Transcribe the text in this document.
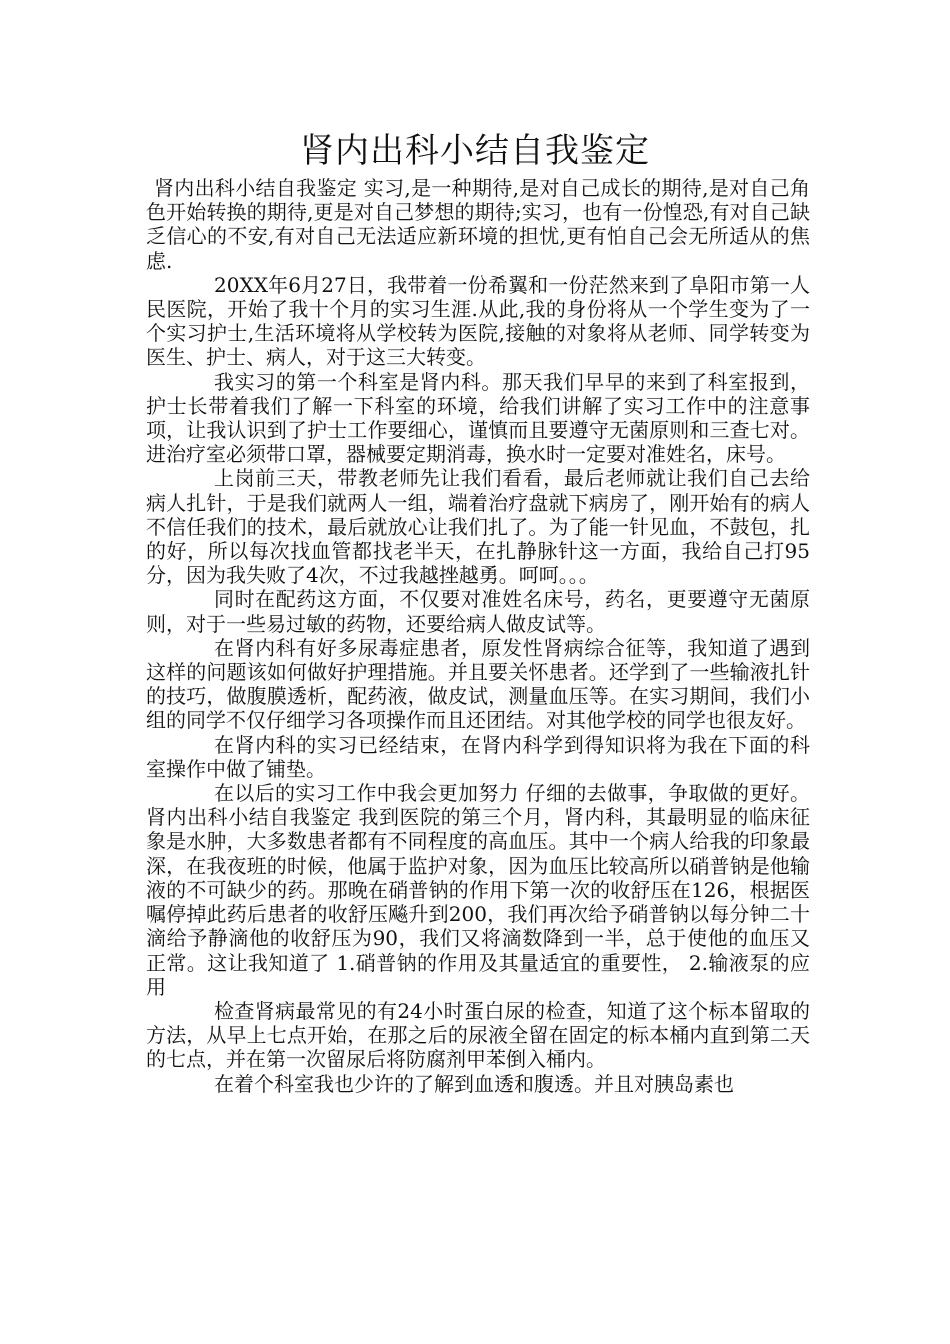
肾内出科小结自我鉴定

肾内出科小结自我鉴定 实习,是一种期待,是对自己成长的期待,是对自己角色开始转换的期待,更是对自己梦想的期待;实习，也有一份惶恐,有对自己缺乏信心的不安,有对自己无法适应新环境的担忧,更有怕自己会无所适从的焦虑.

20XX年6月27日，我带着一份希翼和一份茫然来到了阜阳市第一人民医院，开始了我十个月的实习生涯.从此,我的身份将从一个学生变为了一个实习护士,生活环境将从学校转为医院,接触的对象将从老师、同学转变为医生、护士、病人，对于这三大转变。

我实习的第一个科室是肾内科。那天我们早早的来到了科室报到，护士长带着我们了解一下科室的环境，给我们讲解了实习工作中的注意事项，让我认识到了护士工作要细心，谨慎而且要遵守无菌原则和三查七对。进治疗室必须带口罩，器械要定期消毒，换水时一定要对准姓名，床号。

上岗前三天，带教老师先让我们看看，最后老师就让我们自己去给病人扎针，于是我们就两人一组，端着治疗盘就下病房了，刚开始有的病人不信任我们的技术，最后就放心让我们扎了。为了能一针见血，不鼓包，扎的好，所以每次找血管都找老半天，在扎静脉针这一方面，我给自己打95分，因为我失败了4次，不过我越挫越勇。呵呵。。。

同时在配药这方面，不仅要对准姓名床号，药名，更要遵守无菌原则，对于一些易过敏的药物，还要给病人做皮试等。

在肾内科有好多尿毒症患者，原发性肾病综合征等，我知道了遇到这样的问题该如何做好护理措施。并且要关怀患者。还学到了一些输液扎针的技巧，做腹膜透析，配药液，做皮试，测量血压等。在实习期间，我们小组的同学不仅仔细学习各项操作而且还团结。对其他学校的同学也很友好。

在肾内科的实习已经结束，在肾内科学到得知识将为我在下面的科室操作中做了铺垫。

在以后的实习工作中我会更加努力 仔细的去做事，争取做的更好。 肾内出科小结自我鉴定 我到医院的第三个月，肾内科，其最明显的临床征象是水肿，大多数患者都有不同程度的高血压。其中一个病人给我的印象最深，在我夜班的时候，他属于监护对象，因为血压比较高所以硝普钠是他输液的不可缺少的药。那晚在硝普钠的作用下第一次的收舒压在126，根据医嘱停掉此药后患者的收舒压飚升到200，我们再次给予硝普钠以每分钟二十滴给予静滴他的收舒压为90，我们又将滴数降到一半，总于使他的血压又正常。这让我知道了 1.硝普钠的作用及其量适宜的重要性， 2.输液泵的应用

检查肾病最常见的有24小时蛋白尿的检查，知道了这个标本留取的方法，从早上七点开始，在那之后的尿液全留在固定的标本桶内直到第二天的七点，并在第一次留尿后将防腐剂甲苯倒入桶内。

在着个科室我也少许的了解到血透和腹透。并且对胰岛素也
